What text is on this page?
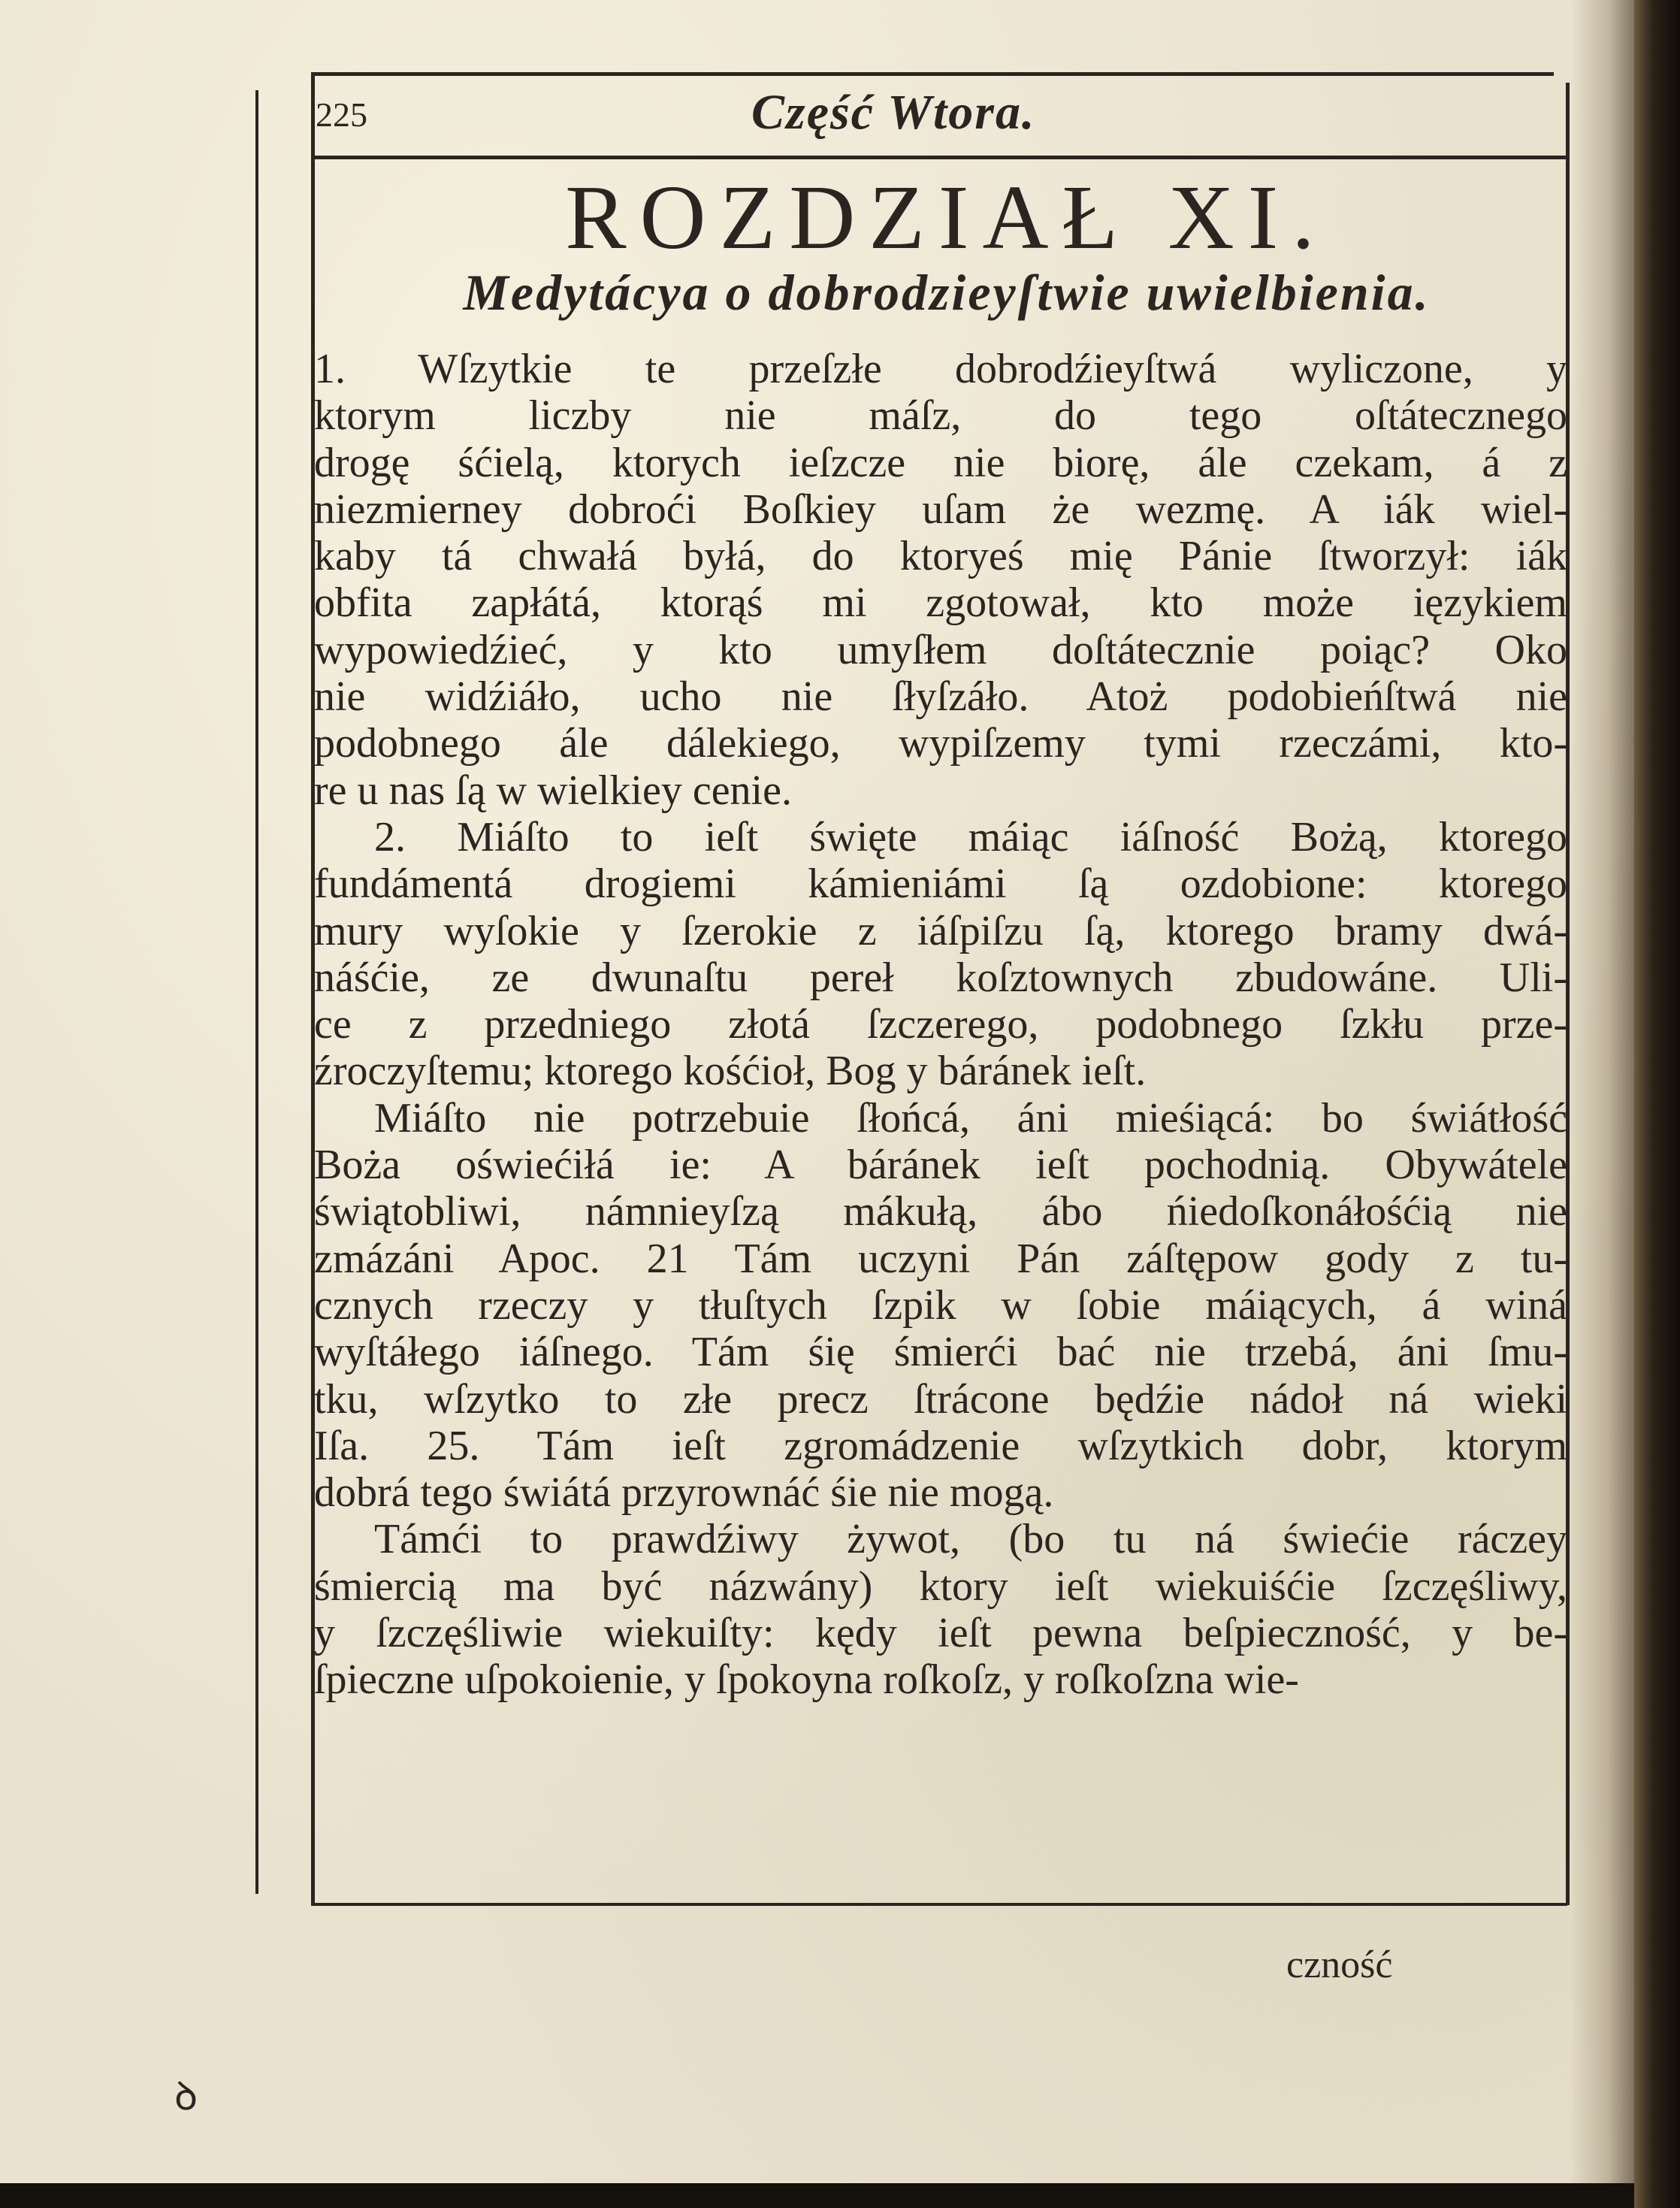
225	Część Wtora.
ROZDZIAŁ XI.
Medytácya o dobrodzieyſtwie uwielbienia.
1. Wſzytkie te przeſzłe dobrodźieyſtwá wyliczone, y
ktorym liczby nie máſz, do tego oſtátecznego
drogę śćielą, ktorych ieſzcze nie biorę, ále czekam, á z
niezmierney dobroći Boſkiey uſam że wezmę. A iák wiel-
kaby tá chwałá byłá, do ktoryeś mię Pánie ſtworzył: iák
obfita zapłátá, ktorąś mi zgotował, kto może ięzykiem
wypowiedźieć, y kto umyſłem doſtátecznie poiąc? Oko
nie widźiáło, ucho nie ſłyſzáło. Atoż podobieńſtwá nie
podobnego ále dálekiego, wypiſzemy tymi rzeczámi, kto-
re u nas ſą w wielkiey cenie.
2. Miáſto to ieſt święte máiąc iáſność Bożą, ktorego
fundámentá drogiemi kámieniámi ſą ozdobione: ktorego
mury wyſokie y ſzerokie z iáſpiſzu ſą, ktorego bramy dwá-
náśćie, ze dwunaſtu pereł koſztownych zbudowáne. Uli-
ce z przedniego złotá ſzczerego, podobnego ſzkłu prze-
źroczyſtemu; ktorego kośćioł, Bog y báránek ieſt.
Miáſto nie potrzebuie ſłońcá, áni mieśiącá: bo świátłość
Boża oświećiłá ie: A báránek ieſt pochodnią. Obywátele
świątobliwi, námnieyſzą mákułą, ábo ńiedoſkonáłośćią nie
zmázáni Apoc. 21 Tám uczyni Pán záſtępow gody z tu-
cznych rzeczy y tłuſtych ſzpik w ſobie máiących, á winá
wyſtáłego iáſnego. Tám śię śmierći bać nie trzebá, áni ſmu-
tku, wſzytko to złe precz ſtrácone będźie nádoł ná wieki
Iſa. 25. Tám ieſt zgromádzenie wſzytkich dobr, ktorym
dobrá tego świátá przyrownáć śie nie mogą.
Támći to prawdźiwy żywot, (bo tu ná świećie ráczey
śmiercią ma być názwány) ktory ieſt wiekuiśćie ſzczęśliwy,
y ſzczęśliwie wiekuiſty: kędy ieſt pewna beſpieczność, y be-
ſpieczne uſpokoienie, y ſpokoyna roſkoſz, y roſkoſzna wie-
czność
ꝺ
